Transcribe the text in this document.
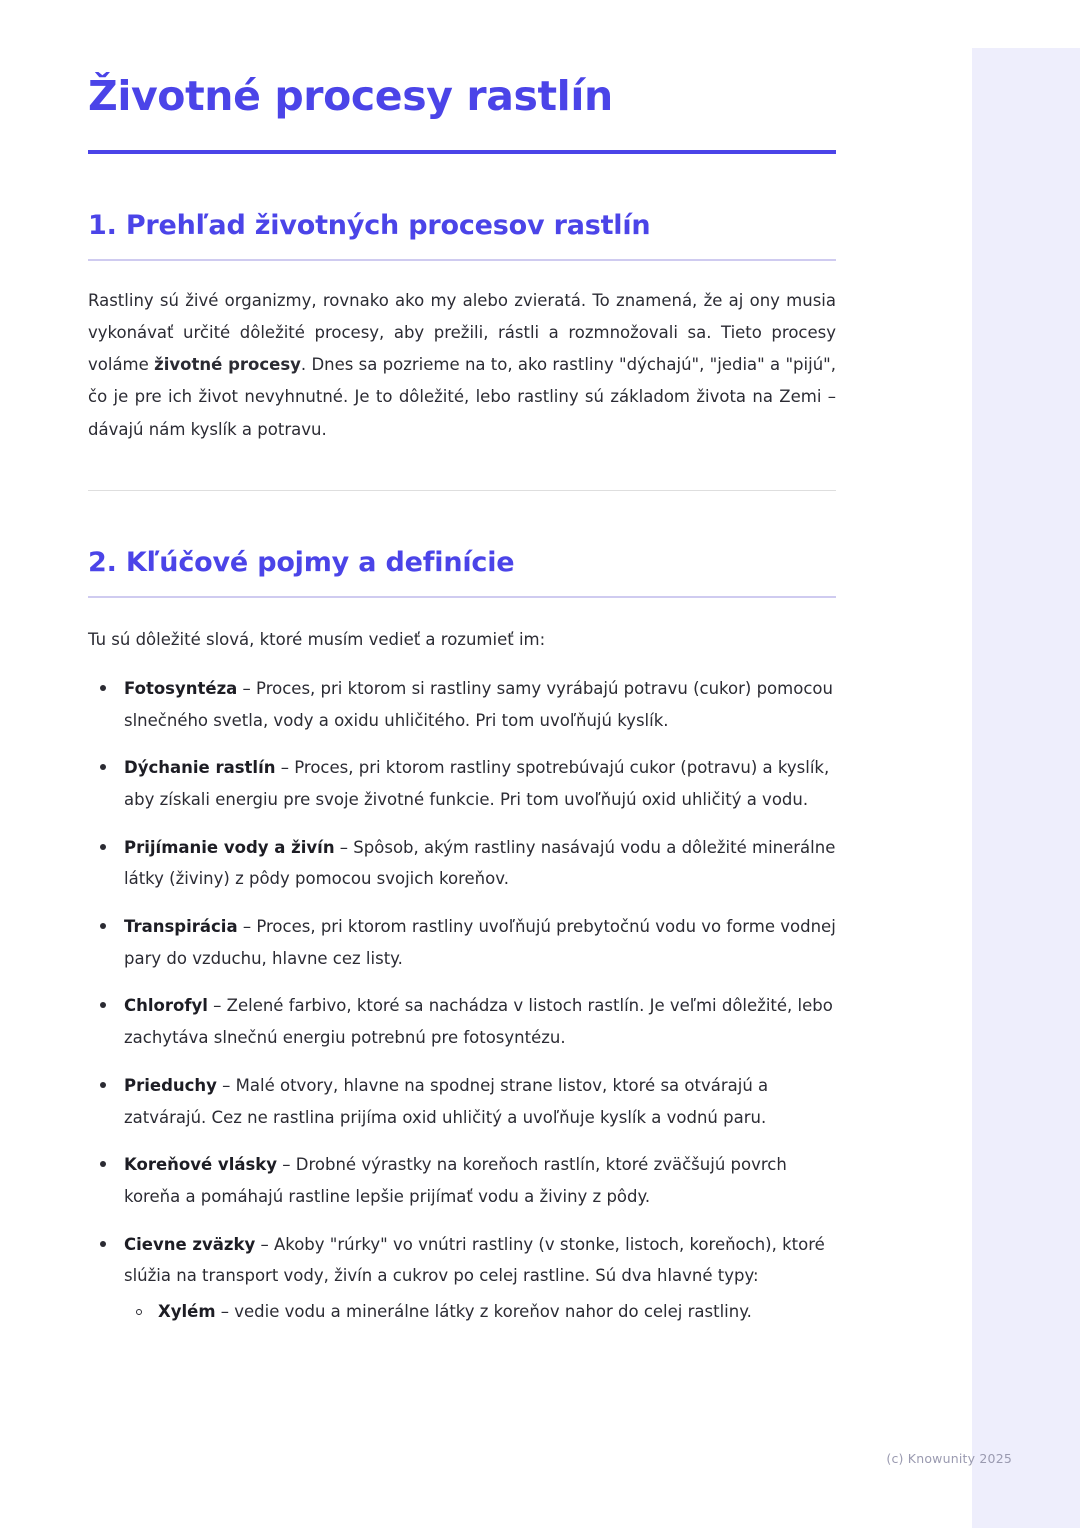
Životné procesy rastlín
1. Prehľad životných procesov rastlín

Rastliny sú živé organizmy, rovnako ako my alebo zvieratá. To znamená, že aj ony musia vykonávať určité dôležité procesy, aby prežili, rástli a rozmnožovali sa. Tieto procesy voláme životné procesy. Dnes sa pozrieme na to, ako rastliny "dýchajú", "jedia" a "pijú", čo je pre ich život nevyhnutné. Je to dôležité, lebo rastliny sú základom života na Zemi – dávajú nám kyslík a potravu.

2. Kľúčové pojmy a definície

Tu sú dôležité slová, ktoré musím vedieť a rozumieť im:

Fotosyntéza – Proces, pri ktorom si rastliny samy vyrábajú potravu (cukor) pomocou slnečného svetla, vody a oxidu uhličitého. Pri tom uvoľňujú kyslík.
Dýchanie rastlín – Proces, pri ktorom rastliny spotrebúvajú cukor (potravu) a kyslík, aby získali energiu pre svoje životné funkcie. Pri tom uvoľňujú oxid uhličitý a vodu.
Prijímanie vody a živín – Spôsob, akým rastliny nasávajú vodu a dôležité minerálne látky (živiny) z pôdy pomocou svojich koreňov.
Transpirácia – Proces, pri ktorom rastliny uvoľňujú prebytočnú vodu vo forme vodnej pary do vzduchu, hlavne cez listy.
Chlorofyl – Zelené farbivo, ktoré sa nachádza v listoch rastlín. Je veľmi dôležité, lebo zachytáva slnečnú energiu potrebnú pre fotosyntézu.
Prieduchy – Malé otvory, hlavne na spodnej strane listov, ktoré sa otvárajú a zatvárajú. Cez ne rastlina prijíma oxid uhličitý a uvoľňuje kyslík a vodnú paru.
Koreňové vlásky – Drobné výrastky na koreňoch rastlín, ktoré zväčšujú povrch koreňa a pomáhajú rastline lepšie prijímať vodu a živiny z pôdy.
Cievne zväzky – Akoby "rúrky" vo vnútri rastliny (v stonke, listoch, koreňoch), ktoré slúžia na transport vody, živín a cukrov po celej rastline. Sú dva hlavné typy:
Xylém – vedie vodu a minerálne látky z koreňov nahor do celej rastliny.
(c) Knowunity 2025
